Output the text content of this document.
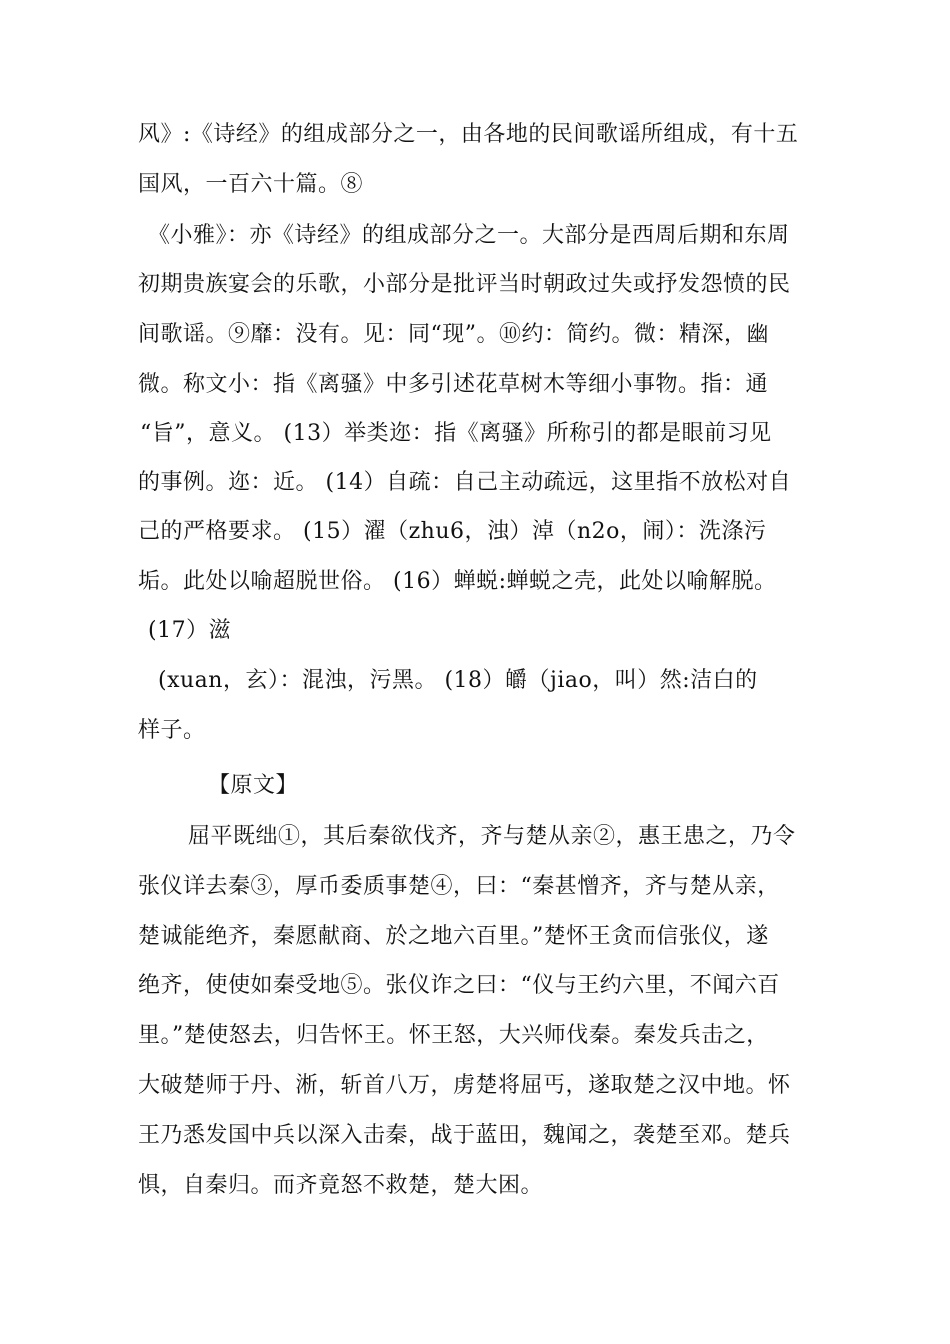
风》:《诗经》的组成部分之一，由各地的民间歌谣所组成，有十五
国风，一百六十篇。⑧
《小雅》：亦《诗经》的组成部分之一。大部分是西周后期和东周
初期贵族宴会的乐歌，小部分是批评当时朝政过失或抒发怨愤的民
间歌谣。⑨靡：没有。见：同“现”。⑩约：简约。微：精深，幽
微。称文小：指《离骚》中多引述花草树木等细小事物。指：通
“旨”，意义。 (13）举类迩：指《离骚》所称引的都是眼前习见
的事例。迩：近。 (14）自疏：自己主动疏远，这里指不放松对自
己的严格要求。 (15）濯（zhu6，浊）淖（n2o，闹）：洗涤污
垢。此处以喻超脱世俗。 (16）蝉蜕:蝉蜕之壳，此处以喻解脱。
(17）滋
(xuan，玄）：混浊，污黑。 (18）皭（jiao，叫）然:洁白的
样子。
【原文】
屈平既绌①，其后秦欲伐齐，齐与楚从亲②，惠王患之，乃令
张仪详去秦③，厚币委质事楚④，曰：“秦甚憎齐，齐与楚从亲，
楚诚能绝齐，秦愿献商、於之地六百里。”楚怀王贪而信张仪，遂
绝齐，使使如秦受地⑤。张仪诈之曰：“仪与王约六里，不闻六百
里。”楚使怒去，归告怀王。怀王怒，大兴师伐秦。秦发兵击之，
大破楚师于丹、淅，斩首八万，虏楚将屈丐，遂取楚之汉中地。怀
王乃悉发国中兵以深入击秦，战于蓝田，魏闻之，袭楚至邓。楚兵
惧，自秦归。而齐竟怒不救楚，楚大困。
